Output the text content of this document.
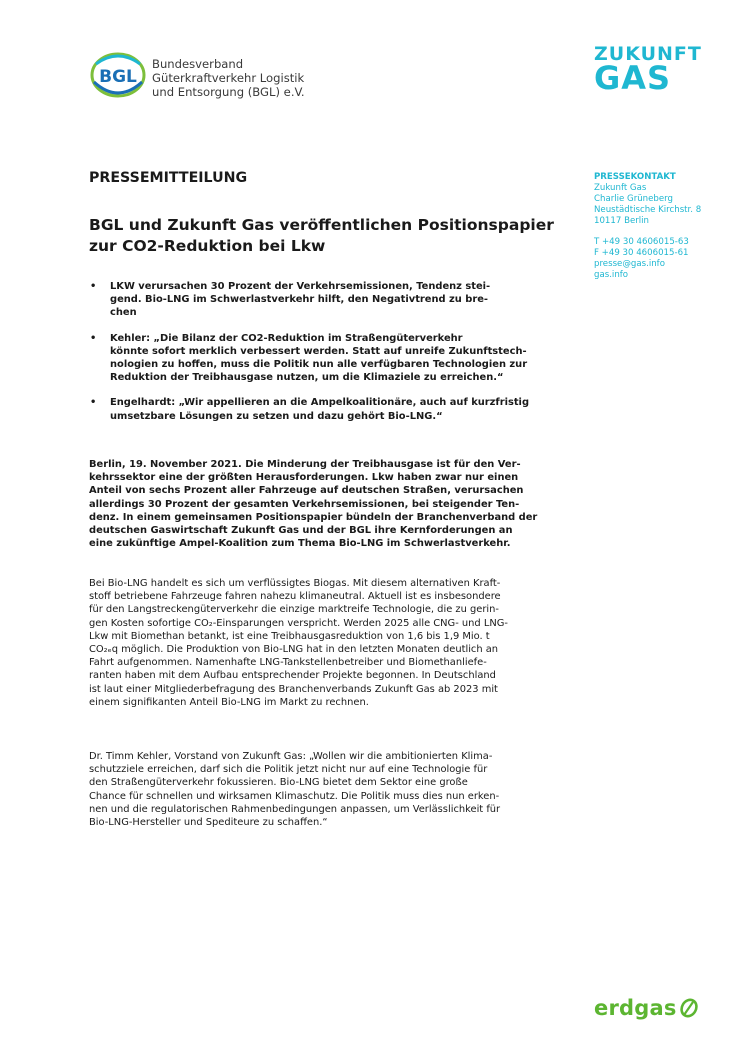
BGL
Bundesverband
Güterkraftverkehr Logistik
und Entsorgung (BGL) e.V.
ZUKUNFT
GAS
PRESSEKONTAKT
Zukunft Gas
Charlie Grüneberg
Neustädtische Kirchstr. 8
10117 Berlin
T +49 30 4606015-63
F +49 30 4606015-61
presse@gas.info
gas.info
PRESSEMITTEILUNG
BGL und Zukunft Gas veröffentlichen Positionspapier zur CO2-Reduktion bei Lkw
• LKW verursachen 30 Prozent der Verkehrsemissionen, Tendenz stei-
gend. Bio-LNG im Schwerlastverkehr hilft, den Negativtrend zu bre-
chen
• Kehler: „Die Bilanz der CO2-Reduktion im Straßengüterverkehr
könnte sofort merklich verbessert werden. Statt auf unreife Zukunftstech-
nologien zu hoffen, muss die Politik nun alle verfügbaren Technologien zur
Reduktion der Treibhausgase nutzen, um die Klimaziele zu erreichen.“
• Engelhardt: „Wir appellieren an die Ampelkoalitionäre, auch auf kurzfristig
umsetzbare Lösungen zu setzen und dazu gehört Bio-LNG.“
Berlin, 19. November 2021. Die Minderung der Treibhausgase ist für den Ver-
kehrssektor eine der größten Herausforderungen. Lkw haben zwar nur einen
Anteil von sechs Prozent aller Fahrzeuge auf deutschen Straßen, verursachen
allerdings 30 Prozent der gesamten Verkehrsemissionen, bei steigender Ten-
denz. In einem gemeinsamen Positionspapier bündeln der Branchenverband der
deutschen Gaswirtschaft Zukunft Gas und der BGL ihre Kernforderungen an
eine zukünftige Ampel-Koalition zum Thema Bio-LNG im Schwerlastverkehr.
Bei Bio-LNG handelt es sich um verflüssigtes Biogas. Mit diesem alternativen Kraft-
stoff betriebene Fahrzeuge fahren nahezu klimaneutral. Aktuell ist es insbesondere
für den Langstreckengüterverkehr die einzige marktreife Technologie, die zu gerin-
gen Kosten sofortige CO₂-Einsparungen verspricht. Werden 2025 alle CNG- und LNG-
Lkw mit Biomethan betankt, ist eine Treibhausgasreduktion von 1,6 bis 1,9 Mio. t
CO₂ₑq möglich. Die Produktion von Bio-LNG hat in den letzten Monaten deutlich an
Fahrt aufgenommen. Namenhafte LNG-Tankstellenbetreiber und Biomethanliefe-
ranten haben mit dem Aufbau entsprechender Projekte begonnen. In Deutschland
ist laut einer Mitgliederbefragung des Branchenverbands Zukunft Gas ab 2023 mit
einem signifikanten Anteil Bio-LNG im Markt zu rechnen.
Dr. Timm Kehler, Vorstand von Zukunft Gas: „Wollen wir die ambitionierten Klima-
schutzziele erreichen, darf sich die Politik jetzt nicht nur auf eine Technologie für
den Straßengüterverkehr fokussieren. Bio-LNG bietet dem Sektor eine große
Chance für schnellen und wirksamen Klimaschutz. Die Politik muss dies nun erken-
nen und die regulatorischen Rahmenbedingungen anpassen, um Verlässlichkeit für
Bio-LNG-Hersteller und Spediteure zu schaffen.“
erdgas
